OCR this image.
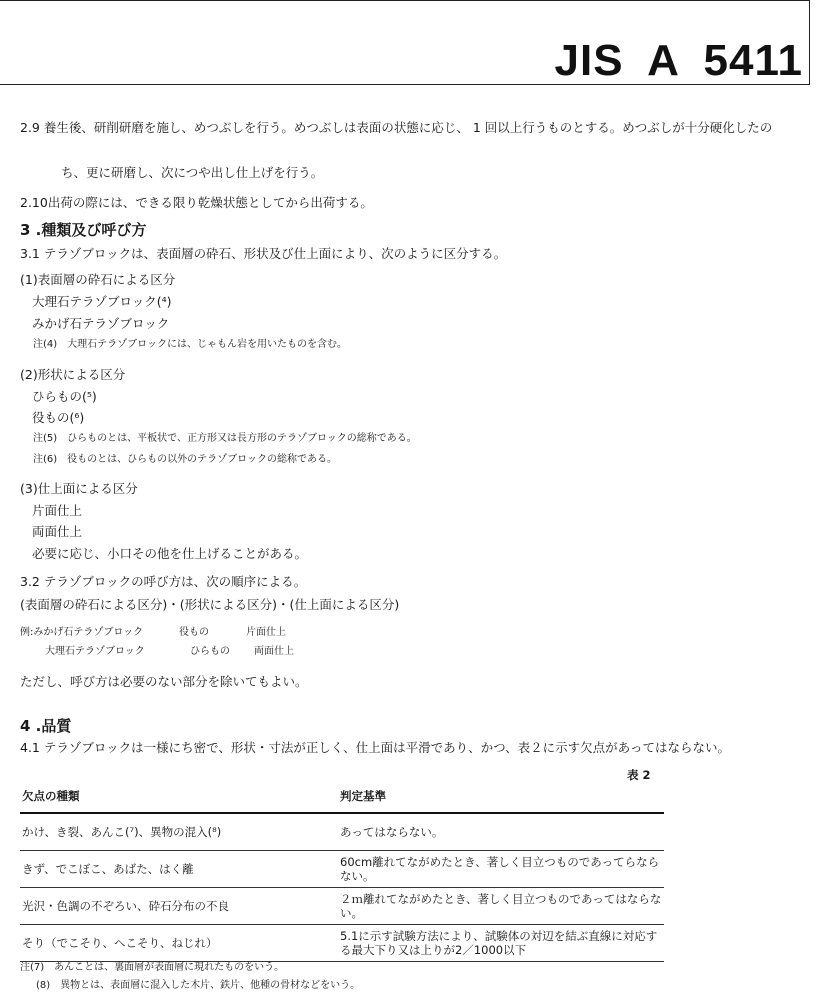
JIS A 5411
2.9 養生後、研削研磨を施し、めつぶしを行う。めつぶしは表面の状態に応じ、 1 回以上行うものとする。めつぶしが十分硬化したの
ち、更に研磨し、次につや出し仕上げを行う。
2.10出荷の際には、できる限り乾燥状態としてから出荷する。
3 .種類及び呼び方
3.1 テラゾブロックは、表面層の砕石、形状及び仕上面により、次のように区分する。
(1)表面層の砕石による区分
大理石テラゾブロック(⁴)
みかげ石テラゾブロック
注(4)　大理石テラゾブロックには、じゃもん岩を用いたものを含む。
(2)形状による区分
ひらもの(⁵)
役もの(⁶)
注(5)　ひらものとは、平板状で、正方形又は長方形のテラゾブロックの総称である。
注(6)　役ものとは、ひらもの以外のテラゾブロックの総称である。
(3)仕上面による区分
片面仕上
両面仕上
必要に応じ、小口その他を仕上げることがある。
3.2 テラゾブロックの呼び方は、次の順序による。
(表面層の砕石による区分)・(形状による区分)・(仕上面による区分)
例:みかげ石テラゾブロック	役もの	片面仕上
大理石テラゾブロック	ひらもの 両面仕上
ただし、呼び方は必要のない部分を除いてもよい。
4 .品質
4.1 テラゾブロックは一様にち密で、形状・寸法が正しく、仕上面は平滑であり、かつ、表２に示す欠点があってはならない。
表 2
欠点の種類	判定基準
かけ、き裂、あんこ(⁷)、異物の混入(⁸)	あってはならない。
きず、でこぼこ、あばた、はく離	60cm離れてながめたとき、著しく目立つものであってらならない。
光沢・色調の不ぞろい、砕石分布の不良	２ｍ離れてながめたとき、著しく目立つものであってはならない。
そり（でこそり、へこそり、ねじれ）	5.1に示す試験方法により、試験体の対辺を結ぶ直線に対応する最大下り又は上りが2／1000以下
注(7)　あんことは、裏面層が表面層に現れたものをいう。
(8)　異物とは、表面層に混入した木片、鉄片、他種の骨材などをいう。
